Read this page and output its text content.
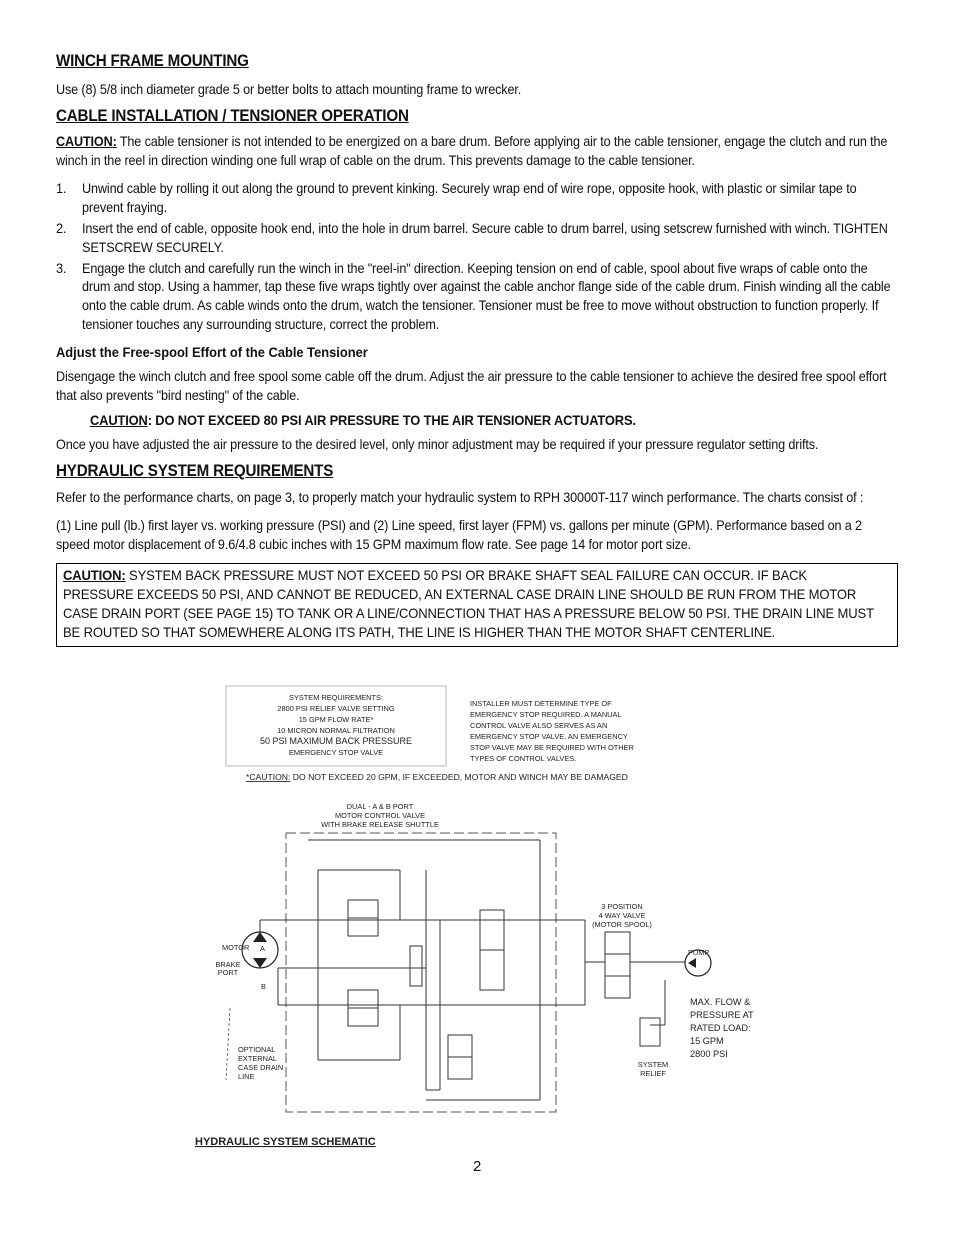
WINCH FRAME MOUNTING

Use (8) 5/8 inch diameter grade 5 or better bolts to attach mounting frame to wrecker.

CABLE INSTALLATION / TENSIONER OPERATION

CAUTION: The cable tensioner is not intended to be energized on a bare drum. Before applying air to the cable tensioner, engage the clutch and run the winch in the reel in direction winding one full wrap of cable on the drum. This prevents damage to the cable tensioner.

1. Unwind cable by rolling it out along the ground to prevent kinking. Securely wrap end of wire rope, opposite hook, with plastic or similar tape to prevent fraying.
2. Insert the end of cable, opposite hook end, into the hole in drum barrel. Secure cable to drum barrel, using setscrew furnished with winch. TIGHTEN SETSCREW SECURELY.
3. Engage the clutch and carefully run the winch in the "reel-in" direction. Keeping tension on end of cable, spool about five wraps of cable onto the drum and stop. Using a hammer, tap these five wraps tightly over against the cable anchor flange side of the cable drum. Finish winding all the cable onto the cable drum. As cable winds onto the drum, watch the tensioner. Tensioner must be free to move without obstruction to function properly. If tensioner touches any surrounding structure, correct the problem.
Adjust the Free-spool Effort of the Cable Tensioner

Disengage the winch clutch and free spool some cable off the drum. Adjust the air pressure to the cable tensioner to achieve the desired free spool effort that also prevents "bird nesting" of the cable.

CAUTION: DO NOT EXCEED 80 PSI AIR PRESSURE TO THE AIR TENSIONER ACTUATORS.

Once you have adjusted the air pressure to the desired level, only minor adjustment may be required if your pressure regulator setting drifts.

HYDRAULIC SYSTEM REQUIREMENTS

Refer to the performance charts, on page 3, to properly match your hydraulic system to RPH 30000T-117 winch performance. The charts consist of :

(1) Line pull (lb.) first layer vs. working pressure (PSI) and (2) Line speed, first layer (FPM) vs. gallons per minute (GPM). Performance based on a 2 speed motor displacement of 9.6/4.8 cubic inches with 15 GPM maximum flow rate. See page 14 for motor port size.

CAUTION: SYSTEM BACK PRESSURE MUST NOT EXCEED 50 PSI OR BRAKE SHAFT SEAL FAILURE CAN OCCUR. IF BACK PRESSURE EXCEEDS 50 PSI, AND CANNOT BE REDUCED, AN EXTERNAL CASE DRAIN LINE SHOULD BE RUN FROM THE MOTOR CASE DRAIN PORT (SEE PAGE 15) TO TANK OR A LINE/CONNECTION THAT HAS A PRESSURE BELOW 50 PSI. THE DRAIN LINE MUST BE ROUTED SO THAT SOMEWHERE ALONG ITS PATH, THE LINE IS HIGHER THAN THE MOTOR SHAFT CENTERLINE.

SYSTEM REQUIREMENTS:
2800 PSI RELIEF VALVE SETTING
15 GPM FLOW RATE*
10 MICRON NORMAL FILTRATION
50 PSI MAXIMUM BACK PRESSURE
EMERGENCY STOP VALVE
INSTALLER MUST DETERMINE TYPE OF
EMERGENCY STOP REQUIRED. A MANUAL
CONTROL VALVE ALSO SERVES AS AN
EMERGENCY STOP VALVE. AN EMERGENCY
STOP VALVE MAY BE REQUIRED WITH OTHER
TYPES OF CONTROL VALVES.
*CAUTION: DO NOT EXCEED 20 GPM, IF EXCEEDED, MOTOR AND WINCH MAY BE DAMAGED
DUAL - A & B PORT
MOTOR CONTROL VALVE
WITH BRAKE RELEASE SHUTTLE
MOTOR A
B
BRAKE
PORT
3 POSITION
4 WAY VALVE
(MOTOR SPOOL)
PUMP
MAX. FLOW &
PRESSURE AT
RATED LOAD:
15 GPM
2800 PSI
OPTIONAL
EXTERNAL
CASE DRAIN
LINE
SYSTEM
RELIEF
HYDRAULIC SYSTEM SCHEMATIC
2
